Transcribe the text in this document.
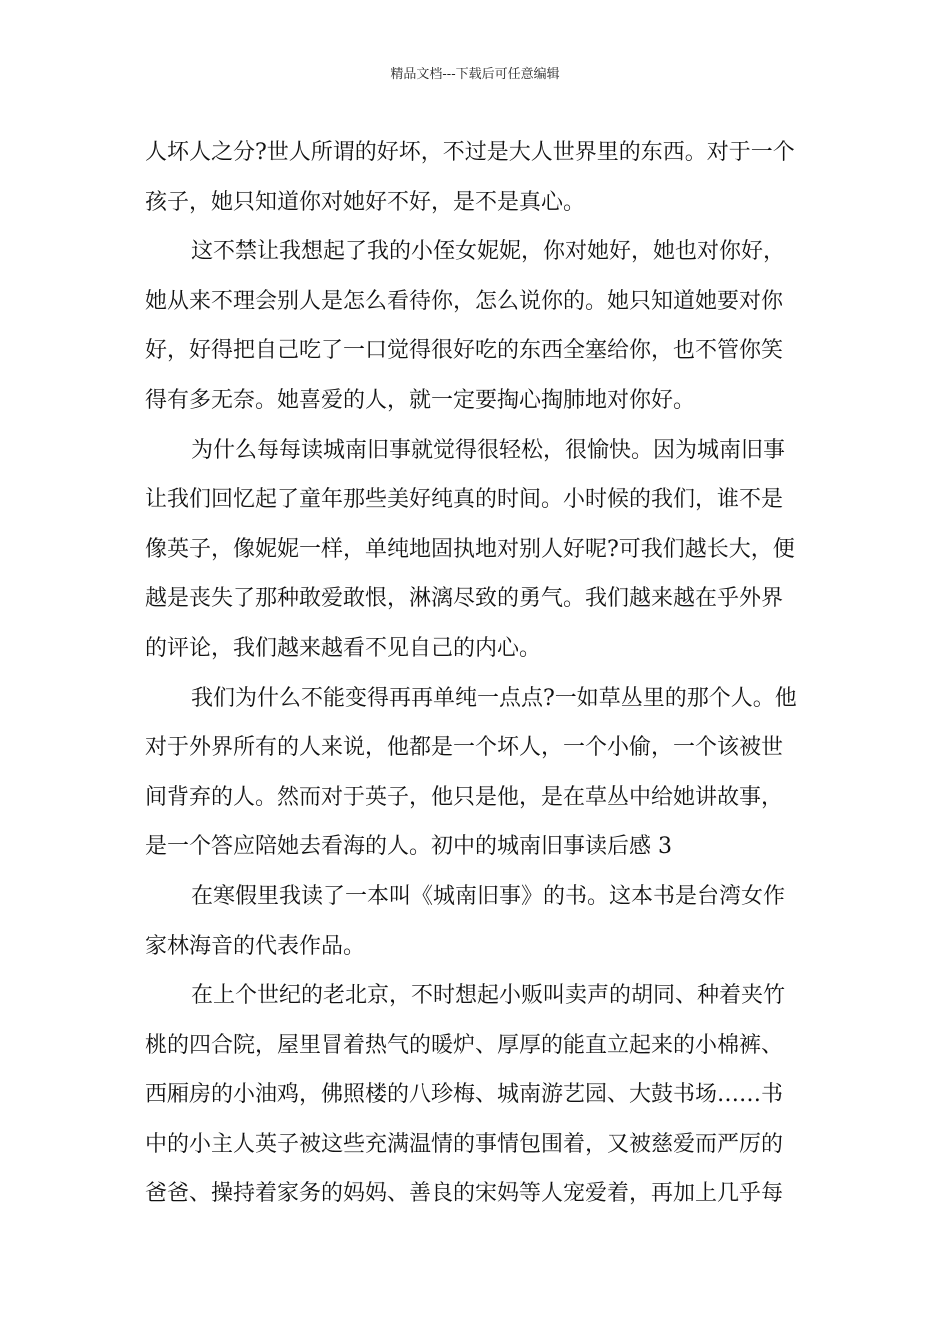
精品文档---下载后可任意编辑
人坏人之分?世人所谓的好坏，不过是大人世界里的东西。对于一个
孩子，她只知道你对她好不好，是不是真心。
这不禁让我想起了我的小侄女妮妮，你对她好，她也对你好，
她从来不理会别人是怎么看待你，怎么说你的。她只知道她要对你
好，好得把自己吃了一口觉得很好吃的东西全塞给你，也不管你笑
得有多无奈。她喜爱的人，就一定要掏心掏肺地对你好。
为什么每每读城南旧事就觉得很轻松，很愉快。因为城南旧事
让我们回忆起了童年那些美好纯真的时间。小时候的我们，谁不是
像英子，像妮妮一样，单纯地固执地对别人好呢?可我们越长大，便
越是丧失了那种敢爱敢恨，淋漓尽致的勇气。我们越来越在乎外界
的评论，我们越来越看不见自己的内心。
我们为什么不能变得再再单纯一点点?一如草丛里的那个人。他
对于外界所有的人来说，他都是一个坏人，一个小偷，一个该被世
间背弃的人。然而对于英子，他只是他，是在草丛中给她讲故事，
是一个答应陪她去看海的人。初中的城南旧事读后感 3
在寒假里我读了一本叫《城南旧事》的书。这本书是台湾女作
家林海音的代表作品。
在上个世纪的老北京，不时想起小贩叫卖声的胡同、种着夹竹
桃的四合院，屋里冒着热气的暖炉、厚厚的能直立起来的小棉裤、
西厢房的小油鸡，佛照楼的八珍梅、城南游艺园、大鼓书场……书
中的小主人英子被这些充满温情的事情包围着，又被慈爱而严厉的
爸爸、操持着家务的妈妈、善良的宋妈等人宠爱着，再加上几乎每
